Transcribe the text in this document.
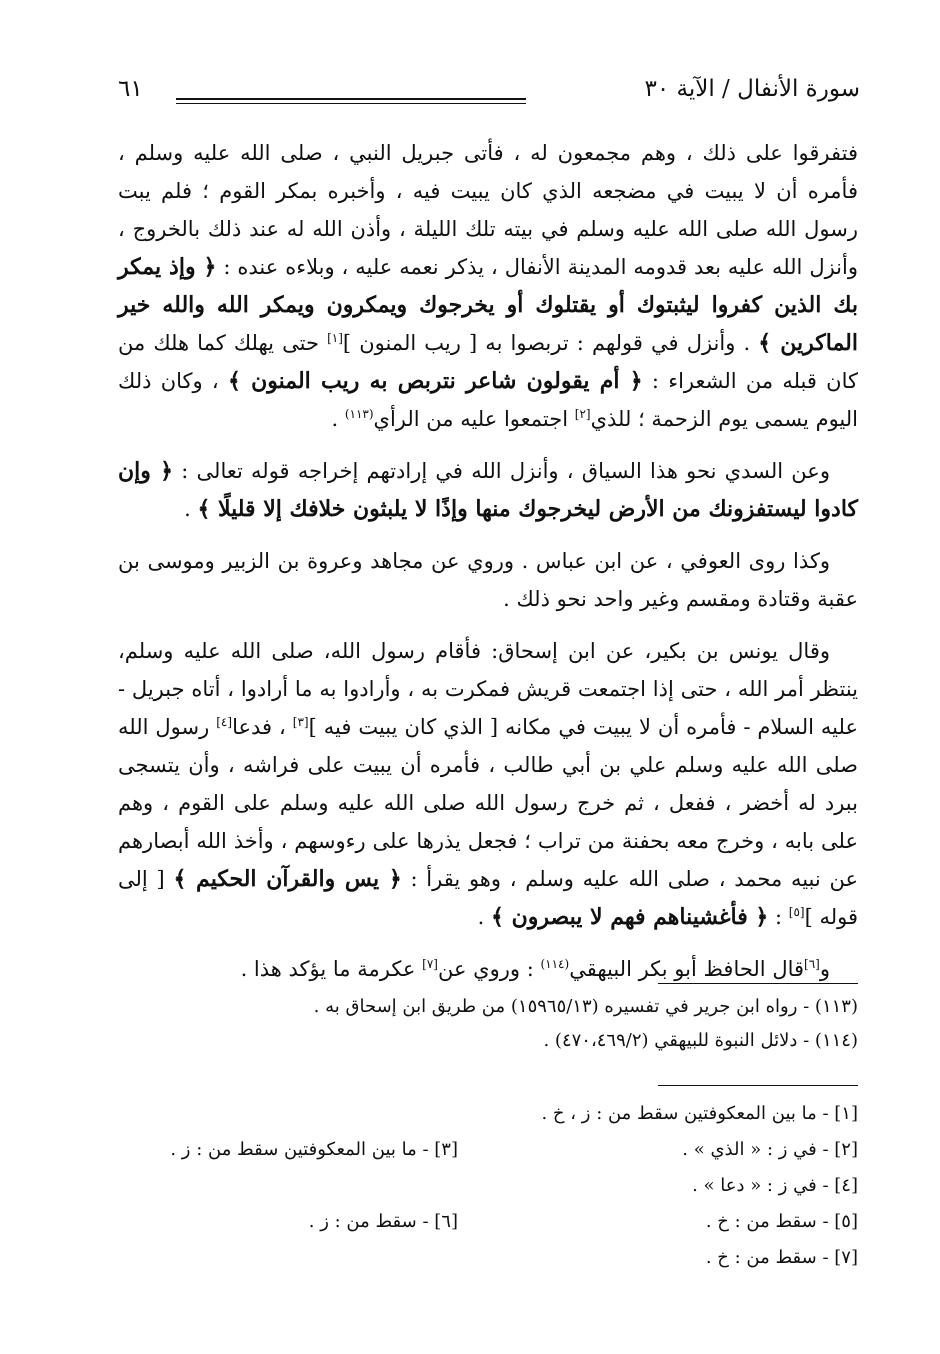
سورة الأنفال / الآية ٣٠
٦١

فتفرقوا على ذلك ، وهم مجمعون له ، فأتى جبريل النبي ، صلى الله عليه وسلم ، فأمره أن لا يبيت في مضجعه الذي كان يبيت فيه ، وأخبره بمكر القوم ؛ فلم يبت رسول الله صلى الله عليه وسلم في بيته تلك الليلة ، وأذن الله له عند ذلك بالخروج ، وأنزل الله عليه بعد قدومه المدينة الأنفال ، يذكر نعمه عليه ، وبلاءه عنده : ﴿ وإذ يمكر بك الذين كفروا ليثبتوك أو يقتلوك أو يخرجوك ويمكرون ويمكر الله والله خير الماكرين ﴾ . وأنزل في قولهم : تربصوا به [ ريب المنون ][١] حتى يهلك كما هلك من كان قبله من الشعراء : ﴿ أم يقولون شاعر نتربص به ريب المنون ﴾ ، وكان ذلك اليوم يسمى يوم الزحمة ؛ للذي[٢] اجتمعوا عليه من الرأي$^{(١١٣)}$ .

وعن السدي نحو هذا السياق ، وأنزل الله في إرادتهم إخراجه قوله تعالى : ﴿ وإن كادوا ليستفزونك من الأرض ليخرجوك منها وإذًا لا يلبثون خلافك إلا قليلًا ﴾ .

وكذا روى العوفي ، عن ابن عباس . وروي عن مجاهد وعروة بن الزبير وموسى بن عقبة وقتادة ومقسم وغير واحد نحو ذلك .

وقال يونس بن بكير، عن ابن إسحاق: فأقام رسول الله، صلى الله عليه وسلم، ينتظر أمر الله ، حتى إذا اجتمعت قريش فمكرت به ، وأرادوا به ما أرادوا ، أتاه جبريل - عليه السلام - فأمره أن لا يبيت في مكانه [ الذي كان يبيت فيه ][٣] ، فدعا[٤] رسول الله صلى الله عليه وسلم علي بن أبي طالب ، فأمره أن يبيت على فراشه ، وأن يتسجى ببرد له أخضر ، ففعل ، ثم خرج رسول الله صلى الله عليه وسلم على القوم ، وهم على بابه ، وخرج معه بحفنة من تراب ؛ فجعل يذرها على رءوسهم ، وأخذ الله أبصارهم عن نبيه محمد ، صلى الله عليه وسلم ، وهو يقرأ : ﴿ يس والقرآن الحكيم ﴾ [ إلى قوله ][٥] : ﴿ فأغشيناهم فهم لا يبصرون ﴾ .

و[٦]قال الحافظ أبو بكر البيهقي$^{(١١٤)}$ : وروي عن[٧] عكرمة ما يؤكد هذا .

(١١٣) - رواه ابن جرير في تفسيره (١٥٩٦٥/١٣) من طريق ابن إسحاق به .
(١١٤) - دلائل النبوة للبيهقي (٤٧٠،٤٦٩/٢) .
[١] - ما بين المعكوفتين سقط من : ز ، خ .
[٢] - في ز : « الذي » .
[٤] - في ز : « دعا » .
[٥] - سقط من : خ .
[٧] - سقط من : خ .
[٣] - ما بين المعكوفتين سقط من : ز .
[٦] - سقط من : ز .
